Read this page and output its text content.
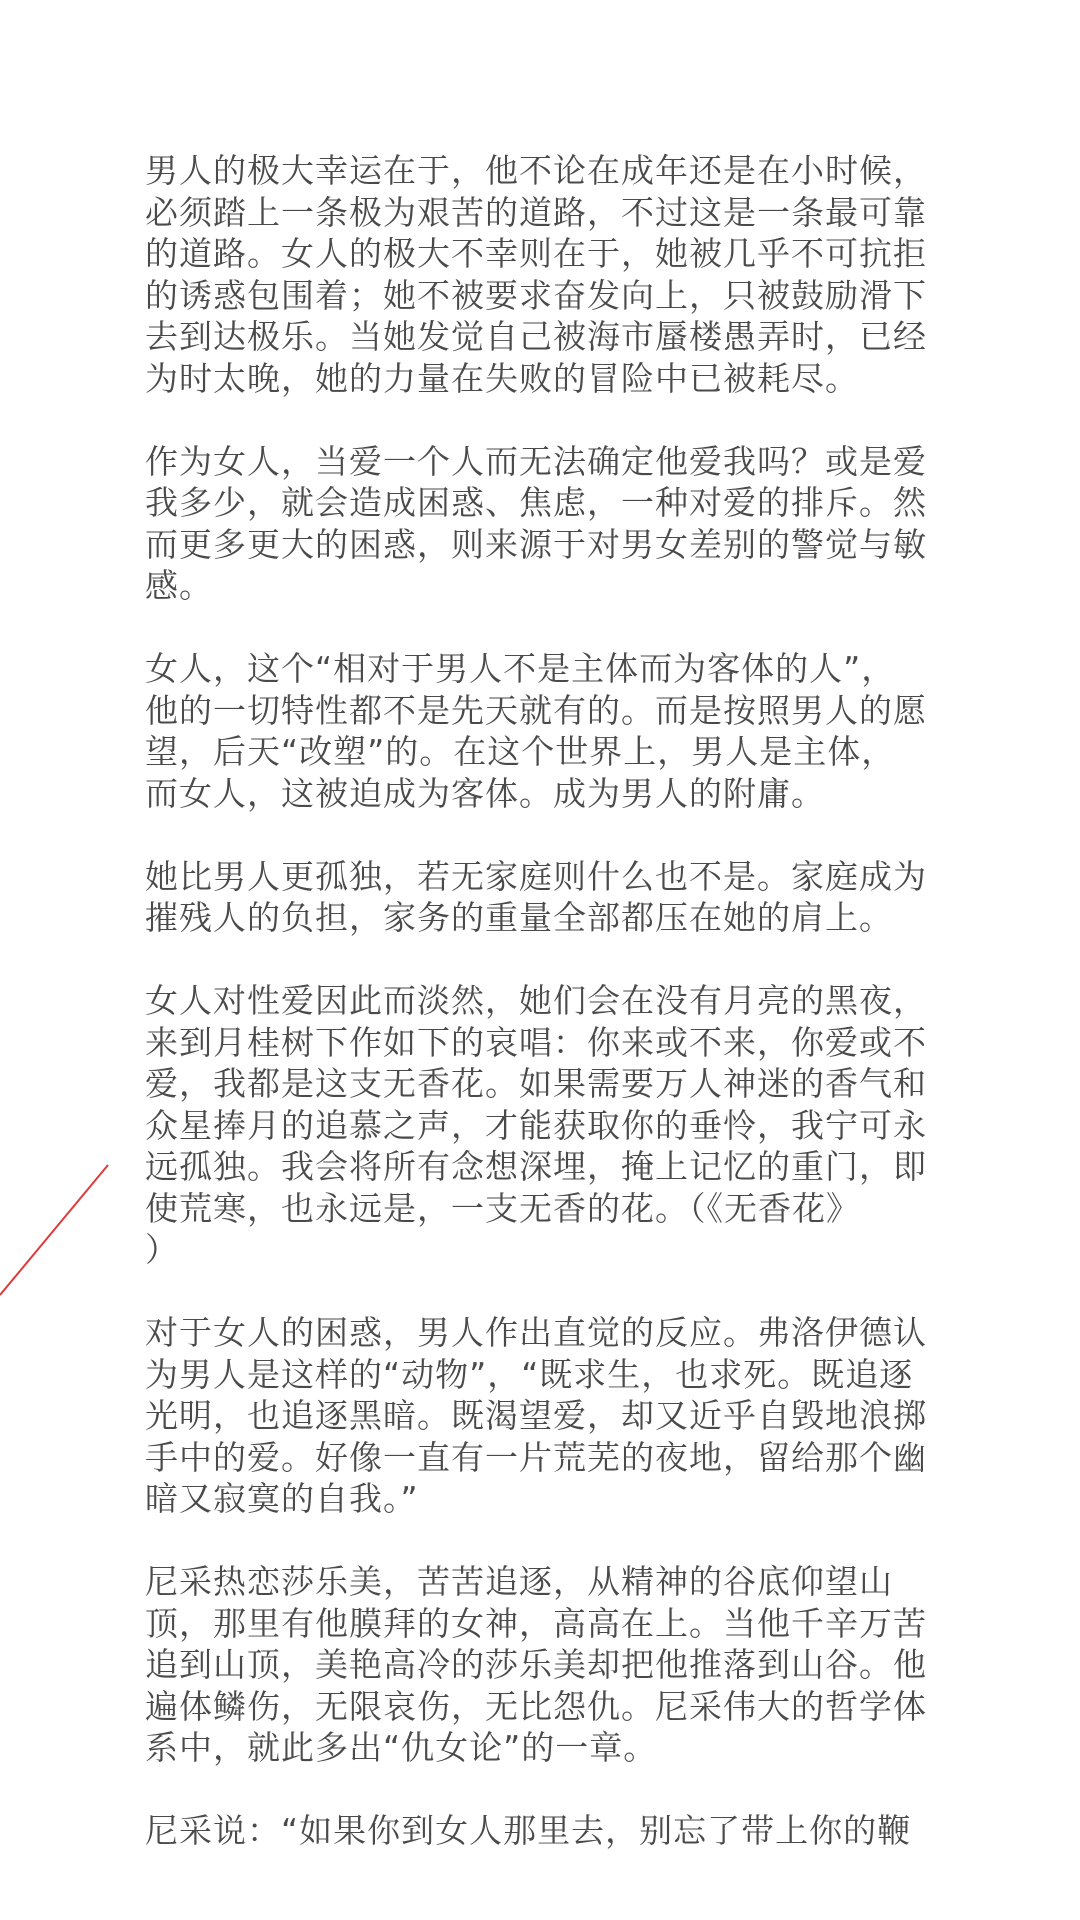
男人的极大幸运在于，他不论在成年还是在小时候，
必须踏上一条极为艰苦的道路，不过这是一条最可靠
的道路。女人的极大不幸则在于，她被几乎不可抗拒
的诱惑包围着；她不被要求奋发向上，只被鼓励滑下
去到达极乐。当她发觉自己被海市蜃楼愚弄时，已经
为时太晚，她的力量在失败的冒险中已被耗尽。

作为女人，当爱一个人而无法确定他爱我吗？或是爱
我多少，就会造成困惑、焦虑，一种对爱的排斥。然
而更多更大的困惑，则来源于对男女差别的警觉与敏
感。

女人，这个“相对于男人不是主体而为客体的人”，
他的一切特性都不是先天就有的。而是按照男人的愿
望，后天“改塑”的。在这个世界上，男人是主体，
而女人，这被迫成为客体。成为男人的附庸。

她比男人更孤独，若无家庭则什么也不是。家庭成为
摧残人的负担，家务的重量全部都压在她的肩上。

女人对性爱因此而淡然，她们会在没有月亮的黑夜，
来到月桂树下作如下的哀唱：你来或不来，你爱或不
爱，我都是这支无香花。如果需要万人神迷的香气和
众星捧月的追慕之声，才能获取你的垂怜，我宁可永
远孤独。我会将所有念想深埋，掩上记忆的重门，即
使荒寒，也永远是，一支无香的花。（《无香花》
）

对于女人的困惑，男人作出直觉的反应。弗洛伊德认
为男人是这样的“动物”，“既求生，也求死。既追逐
光明，也追逐黑暗。既渴望爱，却又近乎自毁地浪掷
手中的爱。好像一直有一片荒芜的夜地，留给那个幽
暗又寂寞的自我。”

尼采热恋莎乐美，苦苦追逐，从精神的谷底仰望山
顶，那里有他膜拜的女神，高高在上。当他千辛万苦
追到山顶，美艳高冷的莎乐美却把他推落到山谷。他
遍体鳞伤，无限哀伤，无比怨仇。尼采伟大的哲学体
系中，就此多出“仇女论”的一章。

尼采说：“如果你到女人那里去，别忘了带上你的鞭
